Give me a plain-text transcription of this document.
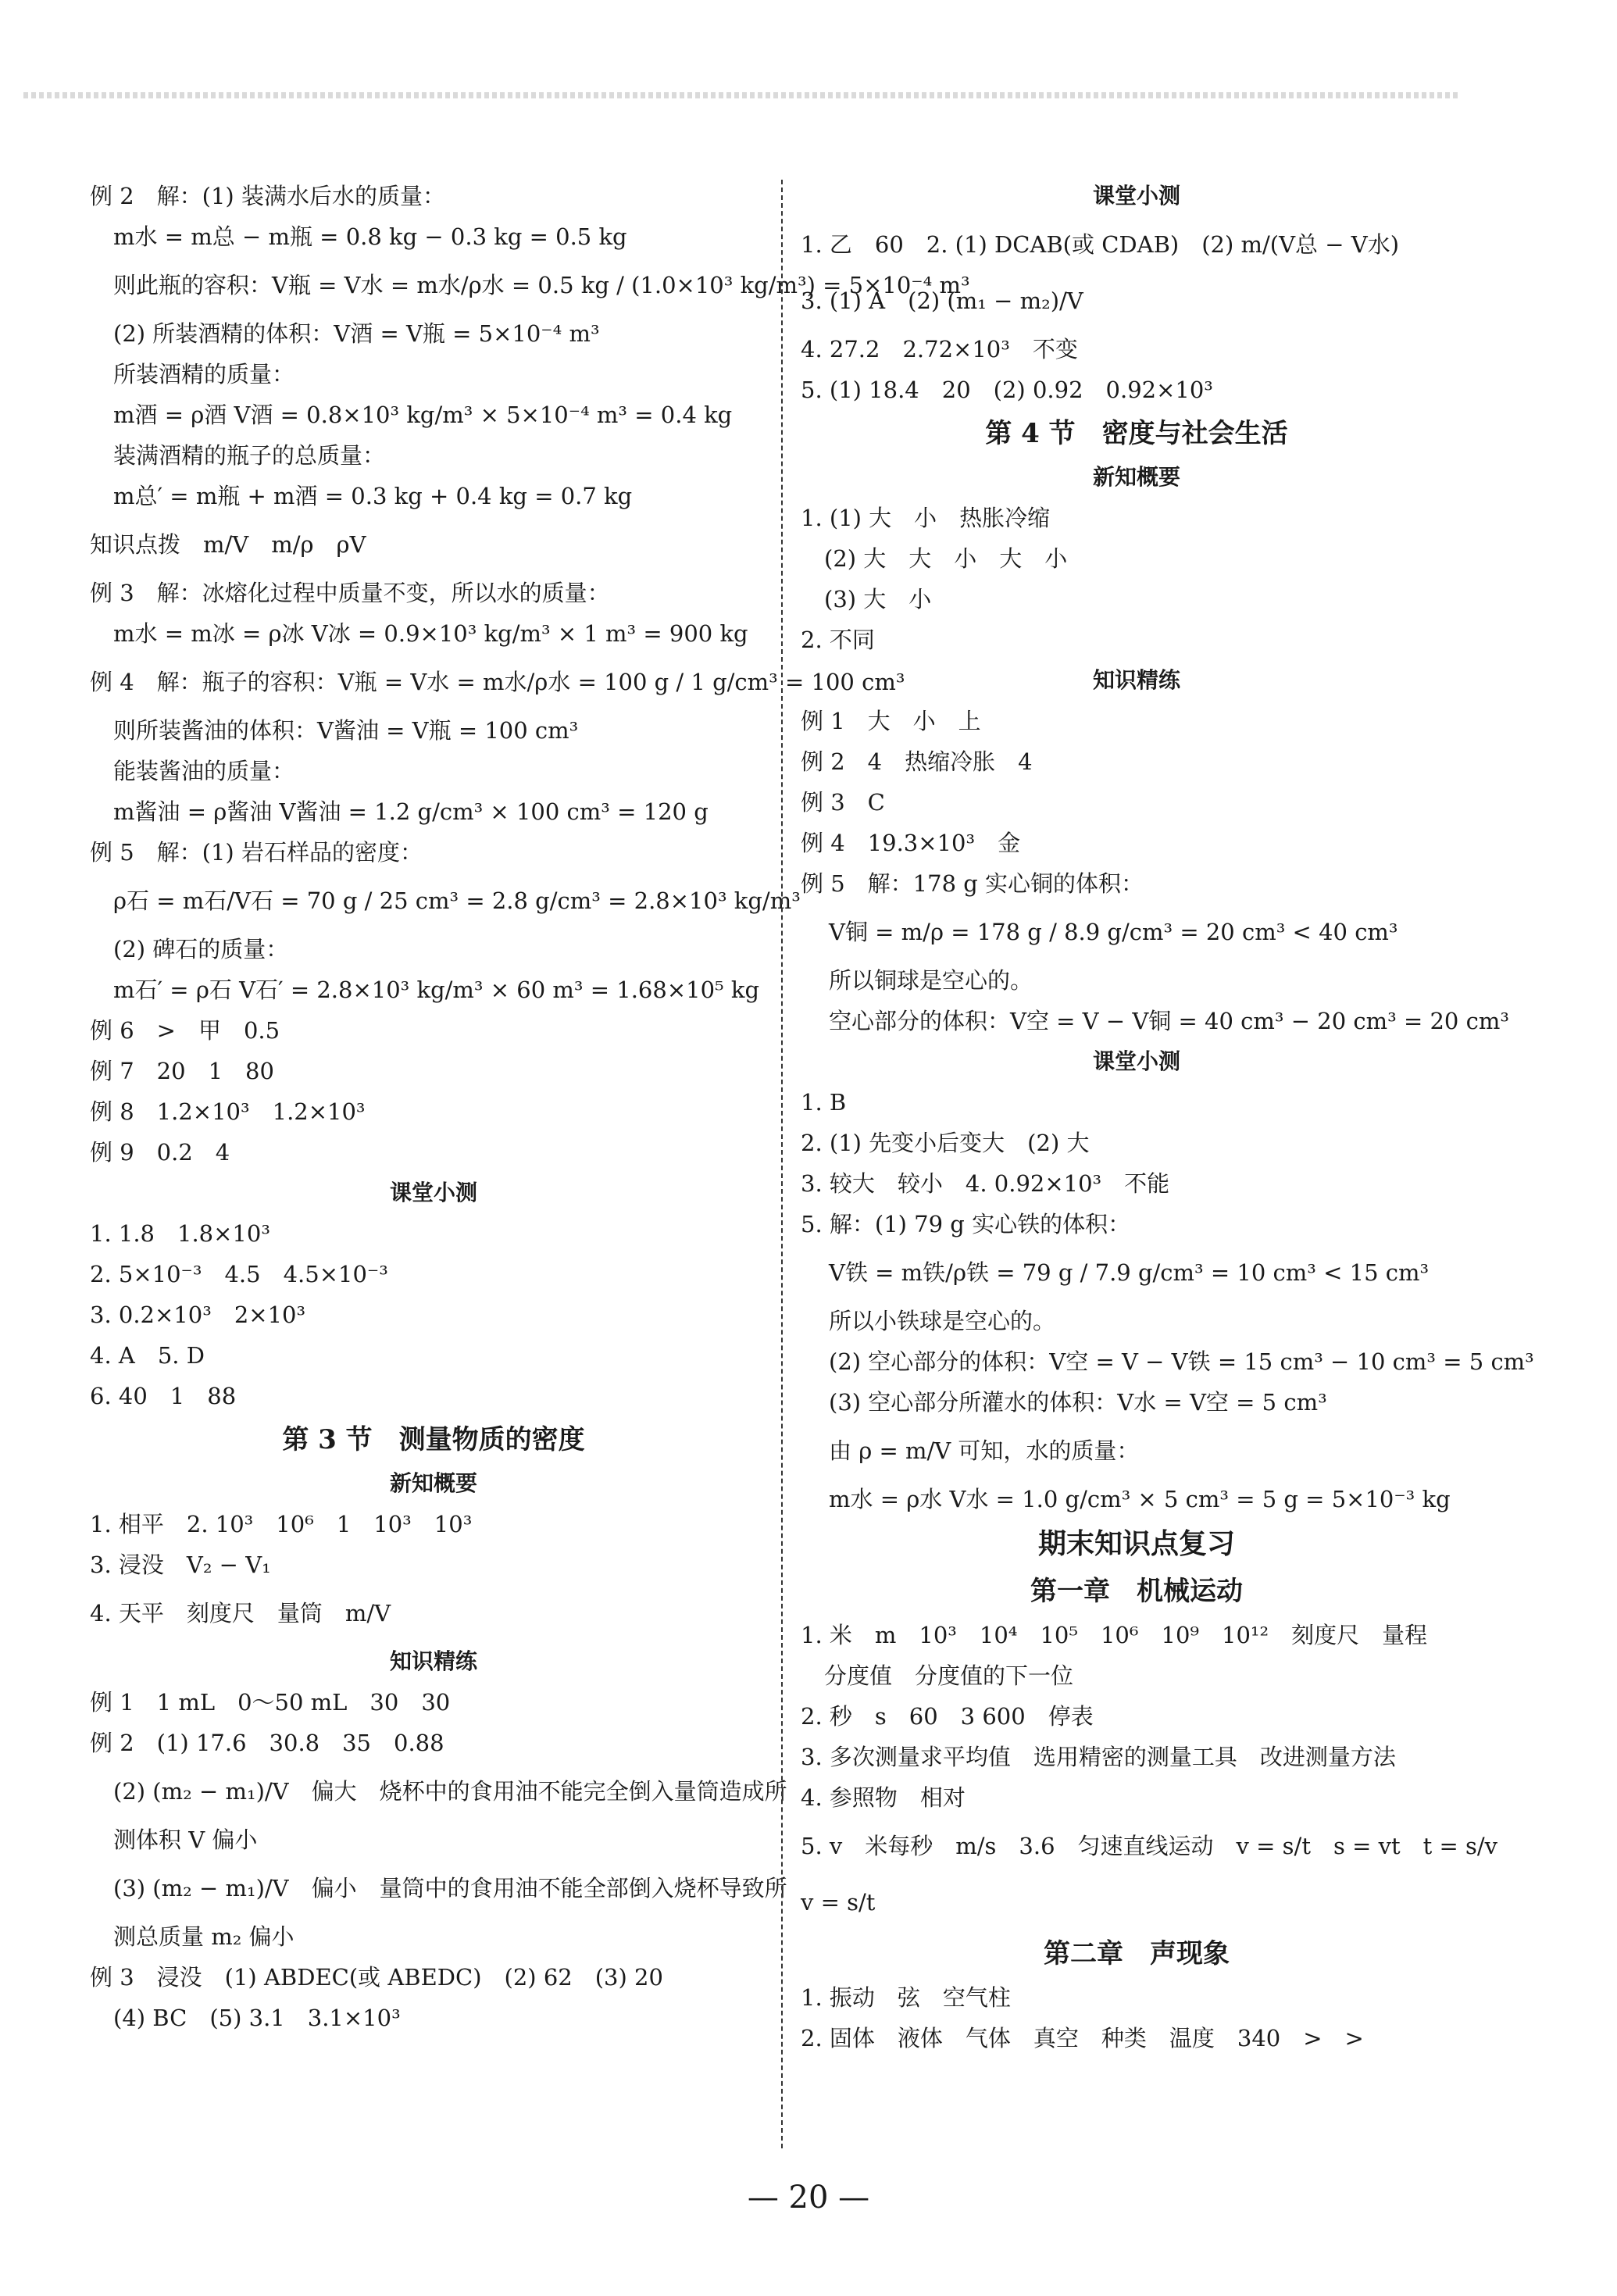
例 2　解：(1) 装满水后水的质量：
m水 = m总 − m瓶 = 0.8 kg − 0.3 kg = 0.5 kg
则此瓶的容积：V瓶 = V水 = m水/ρ水 = 0.5 kg / (1.0×10³ kg/m³) = 5×10⁻⁴ m³
(2) 所装酒精的体积：V酒 = V瓶 = 5×10⁻⁴ m³
所装酒精的质量：
m酒 = ρ酒 V酒 = 0.8×10³ kg/m³ × 5×10⁻⁴ m³ = 0.4 kg
装满酒精的瓶子的总质量：
m总′ = m瓶 + m酒 = 0.3 kg + 0.4 kg = 0.7 kg
知识点拨　m/V　m/ρ　ρV
例 3　解：冰熔化过程中质量不变，所以水的质量：
m水 = m冰 = ρ冰 V冰 = 0.9×10³ kg/m³ × 1 m³ = 900 kg
例 4　解：瓶子的容积：V瓶 = V水 = m水/ρ水 = 100 g / 1 g/cm³ = 100 cm³
则所装酱油的体积：V酱油 = V瓶 = 100 cm³
能装酱油的质量：
m酱油 = ρ酱油 V酱油 = 1.2 g/cm³ × 100 cm³ = 120 g
例 5　解：(1) 岩石样品的密度：
ρ石 = m石/V石 = 70 g / 25 cm³ = 2.8 g/cm³ = 2.8×10³ kg/m³
(2) 碑石的质量：
m石′ = ρ石 V石′ = 2.8×10³ kg/m³ × 60 m³ = 1.68×10⁵ kg
例 6　>　甲　0.5
例 7　20　1　80
例 8　1.2×10³　1.2×10³
例 9　0.2　4
课堂小测
1. 1.8　1.8×10³
2. 5×10⁻³　4.5　4.5×10⁻³
3. 0.2×10³　2×10³
4. A　5. D
6. 40　1　88
第 3 节　测量物质的密度
新知概要
1. 相平　2. 10³　10⁶　1　10³　10³
3. 浸没　V₂ − V₁
4. 天平　刻度尺　量筒　m/V
知识精练
例 1　1 mL　0～50 mL　30　30
例 2　(1) 17.6　30.8　35　0.88
(2) (m₂ − m₁)/V　偏大　烧杯中的食用油不能完全倒入量筒造成所
测体积 V 偏小
(3) (m₂ − m₁)/V　偏小　量筒中的食用油不能全部倒入烧杯导致所
测总质量 m₂ 偏小
例 3　浸没　(1) ABDEC(或 ABEDC)　(2) 62　(3) 20
(4) BC　(5) 3.1　3.1×10³
课堂小测
1. 乙　60　2. (1) DCAB(或 CDAB)　(2) m/(V总 − V水)
3. (1) A　(2) (m₁ − m₂)/V
4. 27.2　2.72×10³　不变
5. (1) 18.4　20　(2) 0.92　0.92×10³
第 4 节　密度与社会生活
新知概要
1. (1) 大　小　热胀冷缩
(2) 大　大　小　大　小
(3) 大　小
2. 不同
知识精练
例 1　大　小　上
例 2　4　热缩冷胀　4
例 3　C
例 4　19.3×10³　金
例 5　解：178 g 实心铜的体积：
V铜 = m/ρ = 178 g / 8.9 g/cm³ = 20 cm³ < 40 cm³
所以铜球是空心的。
空心部分的体积：V空 = V − V铜 = 40 cm³ − 20 cm³ = 20 cm³
课堂小测
1. B
2. (1) 先变小后变大　(2) 大
3. 较大　较小　4. 0.92×10³　不能
5. 解：(1) 79 g 实心铁的体积：
V铁 = m铁/ρ铁 = 79 g / 7.9 g/cm³ = 10 cm³ < 15 cm³
所以小铁球是空心的。
(2) 空心部分的体积：V空 = V − V铁 = 15 cm³ − 10 cm³ = 5 cm³
(3) 空心部分所灌水的体积：V水 = V空 = 5 cm³
由 ρ = m/V 可知，水的质量：
m水 = ρ水 V水 = 1.0 g/cm³ × 5 cm³ = 5 g = 5×10⁻³ kg
期末知识点复习
第一章　机械运动
1. 米　m　10³　10⁴　10⁵　10⁶　10⁹　10¹²　刻度尺　量程
分度值　分度值的下一位
2. 秒　s　60　3 600　停表
3. 多次测量求平均值　选用精密的测量工具　改进测量方法
4. 参照物　相对
5. v　米每秒　m/s　3.6　匀速直线运动　v = s/t　s = vt　t = s/v
v = s/t
第二章　声现象
1. 振动　弦　空气柱
2. 固体　液体　气体　真空　种类　温度　340　>　>
— 20 —
